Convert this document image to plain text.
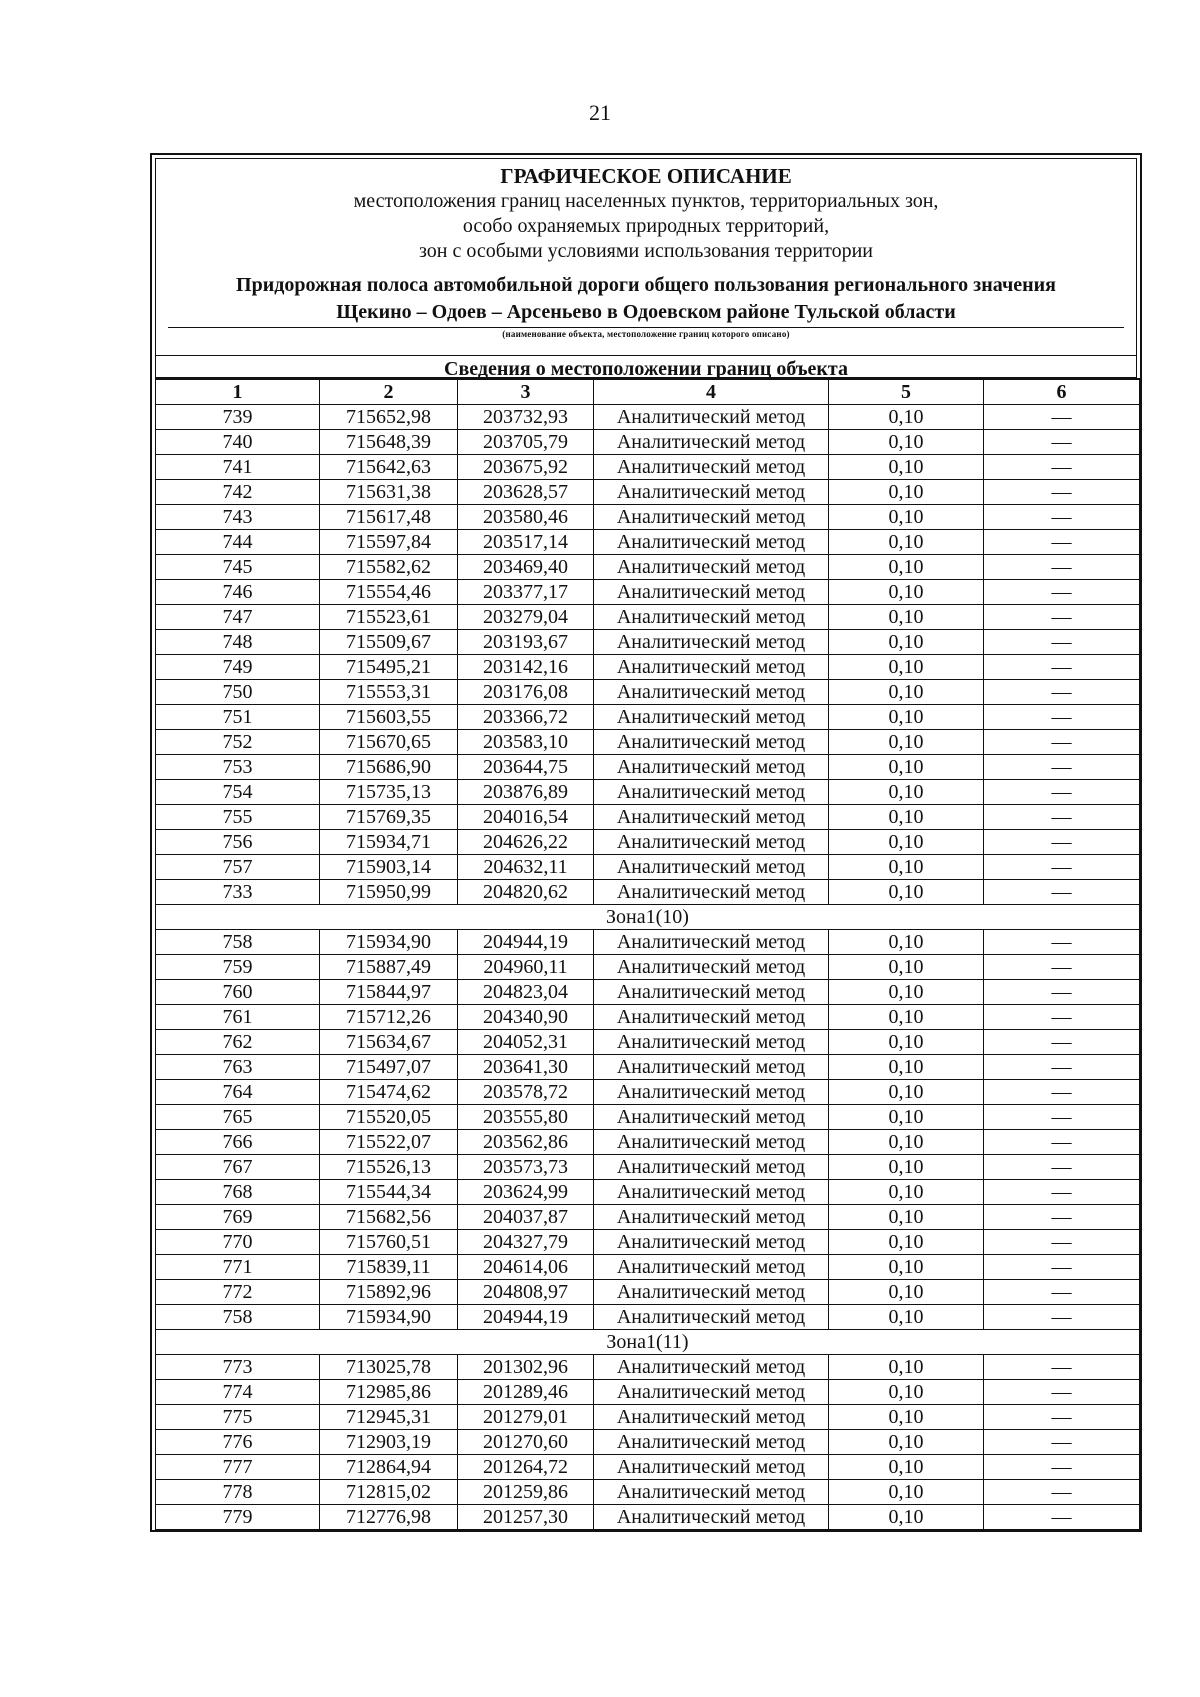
21
ГРАФИЧЕСКОЕ ОПИСАНИЕ
местоположения границ населенных пунктов, территориальных зон,
особо охраняемых природных территорий,
зон с особыми условиями использования территории
Придорожная полоса автомобильной дороги общего пользования регионального значения
Щекино – Одоев – Арсеньево в Одоевском районе Тульской области
(наименование объекта, местоположение границ которого описано)
Сведения о местоположении границ объекта
1	2	3	4	5	6
739	715652,98	203732,93	Аналитический метод	0,10	—
740	715648,39	203705,79	Аналитический метод	0,10	—
741	715642,63	203675,92	Аналитический метод	0,10	—
742	715631,38	203628,57	Аналитический метод	0,10	—
743	715617,48	203580,46	Аналитический метод	0,10	—
744	715597,84	203517,14	Аналитический метод	0,10	—
745	715582,62	203469,40	Аналитический метод	0,10	—
746	715554,46	203377,17	Аналитический метод	0,10	—
747	715523,61	203279,04	Аналитический метод	0,10	—
748	715509,67	203193,67	Аналитический метод	0,10	—
749	715495,21	203142,16	Аналитический метод	0,10	—
750	715553,31	203176,08	Аналитический метод	0,10	—
751	715603,55	203366,72	Аналитический метод	0,10	—
752	715670,65	203583,10	Аналитический метод	0,10	—
753	715686,90	203644,75	Аналитический метод	0,10	—
754	715735,13	203876,89	Аналитический метод	0,10	—
755	715769,35	204016,54	Аналитический метод	0,10	—
756	715934,71	204626,22	Аналитический метод	0,10	—
757	715903,14	204632,11	Аналитический метод	0,10	—
733	715950,99	204820,62	Аналитический метод	0,10	—
Зона1(10)					
758	715934,90	204944,19	Аналитический метод	0,10	—
759	715887,49	204960,11	Аналитический метод	0,10	—
760	715844,97	204823,04	Аналитический метод	0,10	—
761	715712,26	204340,90	Аналитический метод	0,10	—
762	715634,67	204052,31	Аналитический метод	0,10	—
763	715497,07	203641,30	Аналитический метод	0,10	—
764	715474,62	203578,72	Аналитический метод	0,10	—
765	715520,05	203555,80	Аналитический метод	0,10	—
766	715522,07	203562,86	Аналитический метод	0,10	—
767	715526,13	203573,73	Аналитический метод	0,10	—
768	715544,34	203624,99	Аналитический метод	0,10	—
769	715682,56	204037,87	Аналитический метод	0,10	—
770	715760,51	204327,79	Аналитический метод	0,10	—
771	715839,11	204614,06	Аналитический метод	0,10	—
772	715892,96	204808,97	Аналитический метод	0,10	—
758	715934,90	204944,19	Аналитический метод	0,10	—
Зона1(11)					
773	713025,78	201302,96	Аналитический метод	0,10	—
774	712985,86	201289,46	Аналитический метод	0,10	—
775	712945,31	201279,01	Аналитический метод	0,10	—
776	712903,19	201270,60	Аналитический метод	0,10	—
777	712864,94	201264,72	Аналитический метод	0,10	—
778	712815,02	201259,86	Аналитический метод	0,10	—
779	712776,98	201257,30	Аналитический метод	0,10	—
